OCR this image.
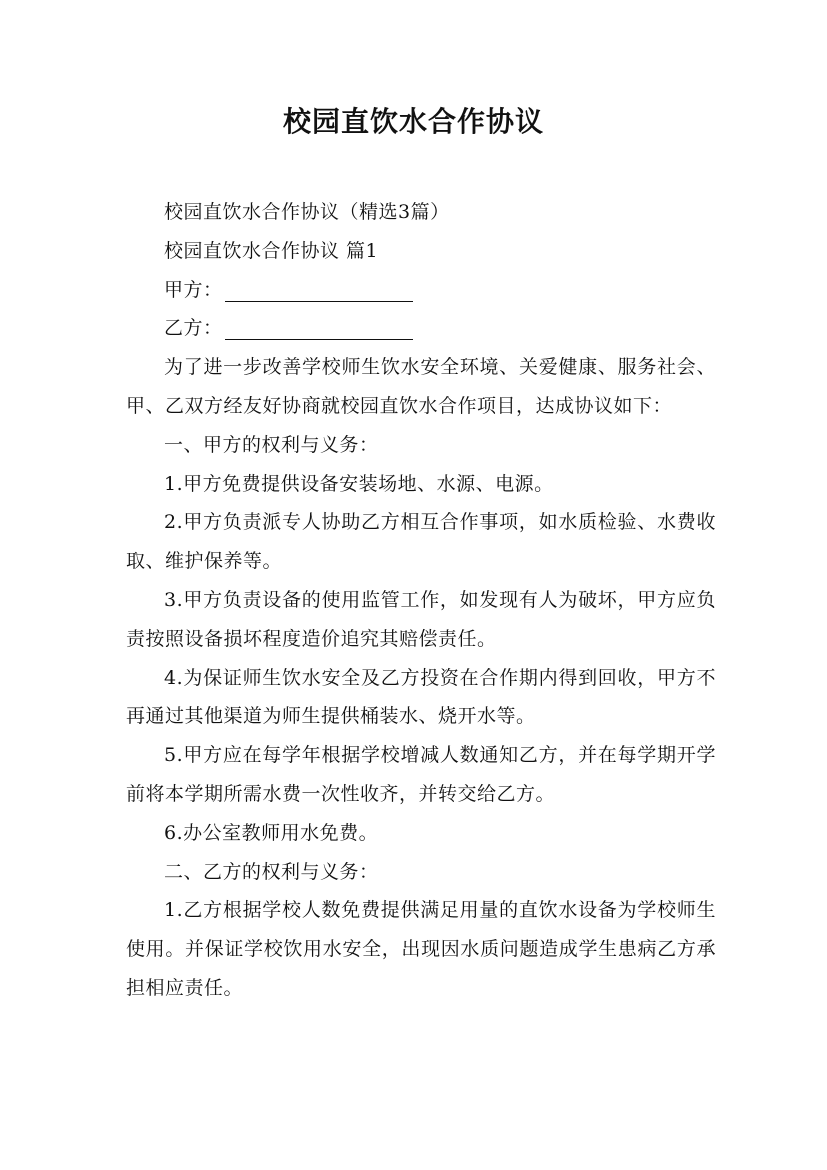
校园直饮水合作协议

校园直饮水合作协议（精选3篇）

校园直饮水合作协议 篇1

甲方：

乙方：

为了进一步改善学校师生饮水安全环境、关爱健康、服务社会、甲、乙双方经友好协商就校园直饮水合作项目，达成协议如下：

一、甲方的权利与义务：

1.甲方免费提供设备安装场地、水源、电源。

2.甲方负责派专人协助乙方相互合作事项，如水质检验、水费收取、维护保养等。

3.甲方负责设备的使用监管工作，如发现有人为破坏，甲方应负责按照设备损坏程度造价追究其赔偿责任。

4.为保证师生饮水安全及乙方投资在合作期内得到回收，甲方不再通过其他渠道为师生提供桶装水、烧开水等。

5.甲方应在每学年根据学校增减人数通知乙方，并在每学期开学前将本学期所需水费一次性收齐，并转交给乙方。

6.办公室教师用水免费。

二、乙方的权利与义务：

1.乙方根据学校人数免费提供满足用量的直饮水设备为学校师生使用。并保证学校饮用水安全，出现因水质问题造成学生患病乙方承担相应责任。
